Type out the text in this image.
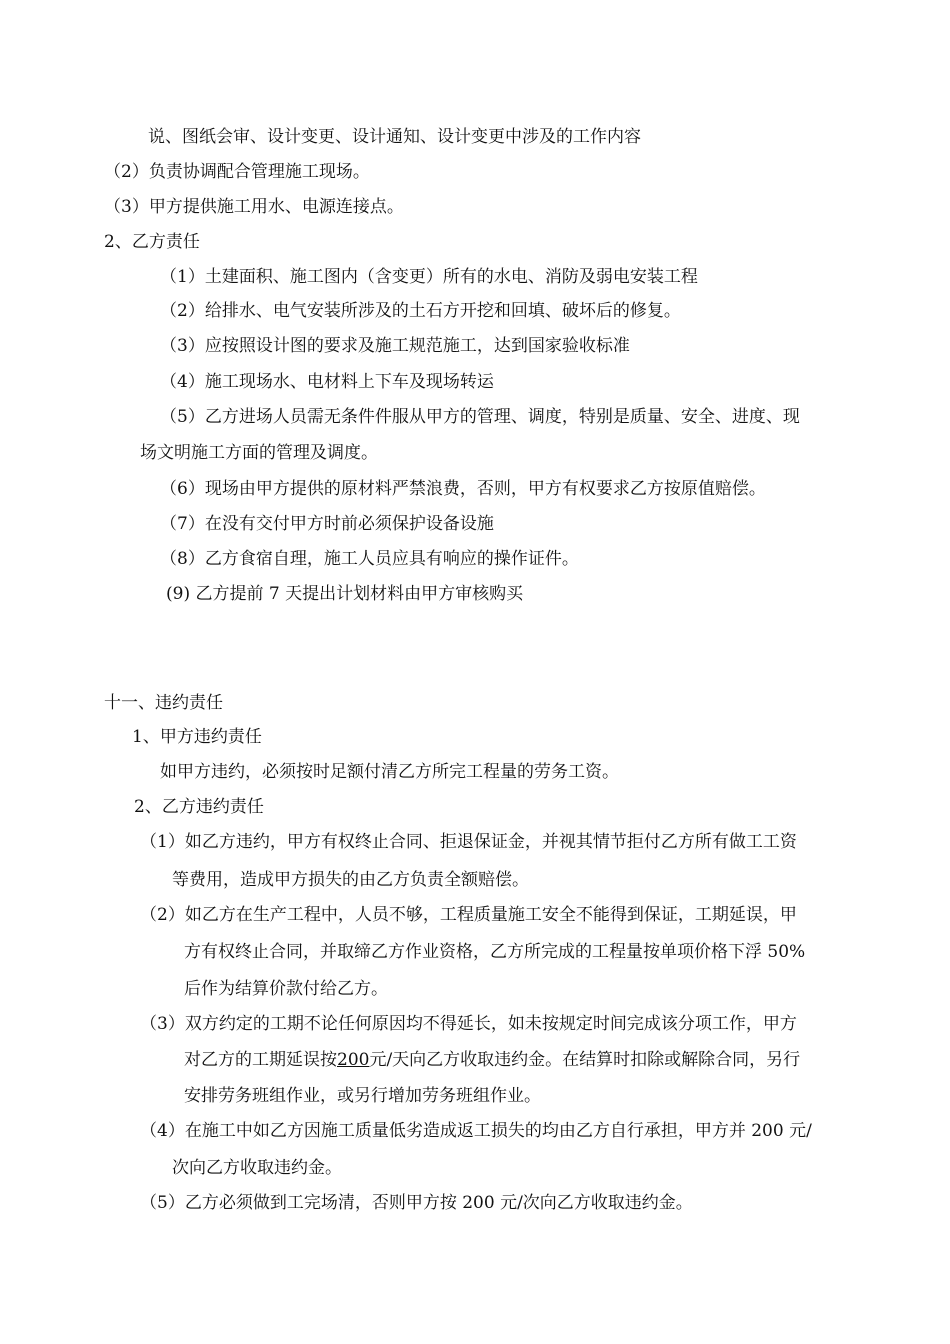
说、图纸会审、设计变更、设计通知、设计变更中涉及的工作内容
（2）负责协调配合管理施工现场。
（3）甲方提供施工用水、电源连接点。
2、乙方责任
（1）土建面积、施工图内（含变更）所有的水电、消防及弱电安装工程
（2）给排水、电气安装所涉及的土石方开挖和回填、破坏后的修复。
（3）应按照设计图的要求及施工规范施工，达到国家验收标准
（4）施工现场水、电材料上下车及现场转运
（5）乙方进场人员需无条件件服从甲方的管理、调度，特别是质量、安全、进度、现
场文明施工方面的管理及调度。
（6）现场由甲方提供的原材料严禁浪费，否则，甲方有权要求乙方按原值赔偿。
（7）在没有交付甲方时前必须保护设备设施
（8）乙方食宿自理，施工人员应具有响应的操作证件。
(9) 乙方提前 7 天提出计划材料由甲方审核购买
十一、违约责任
1、甲方违约责任
如甲方违约，必须按时足额付清乙方所完工程量的劳务工资。
2、乙方违约责任
（1）如乙方违约，甲方有权终止合同、拒退保证金，并视其情节拒付乙方所有做工工资
等费用，造成甲方损失的由乙方负责全额赔偿。
（2）如乙方在生产工程中，人员不够，工程质量施工安全不能得到保证，工期延误，甲
方有权终止合同，并取缔乙方作业资格，乙方所完成的工程量按单项价格下浮 50%
后作为结算价款付给乙方。
（3）双方约定的工期不论任何原因均不得延长，如未按规定时间完成该分项工作，甲方
对乙方的工期延误按200元/天向乙方收取违约金。在结算时扣除或解除合同，另行
安排劳务班组作业，或另行增加劳务班组作业。
（4）在施工中如乙方因施工质量低劣造成返工损失的均由乙方自行承担，甲方并 200 元/
次向乙方收取违约金。
（5）乙方必须做到工完场清，否则甲方按 200 元/次向乙方收取违约金。
